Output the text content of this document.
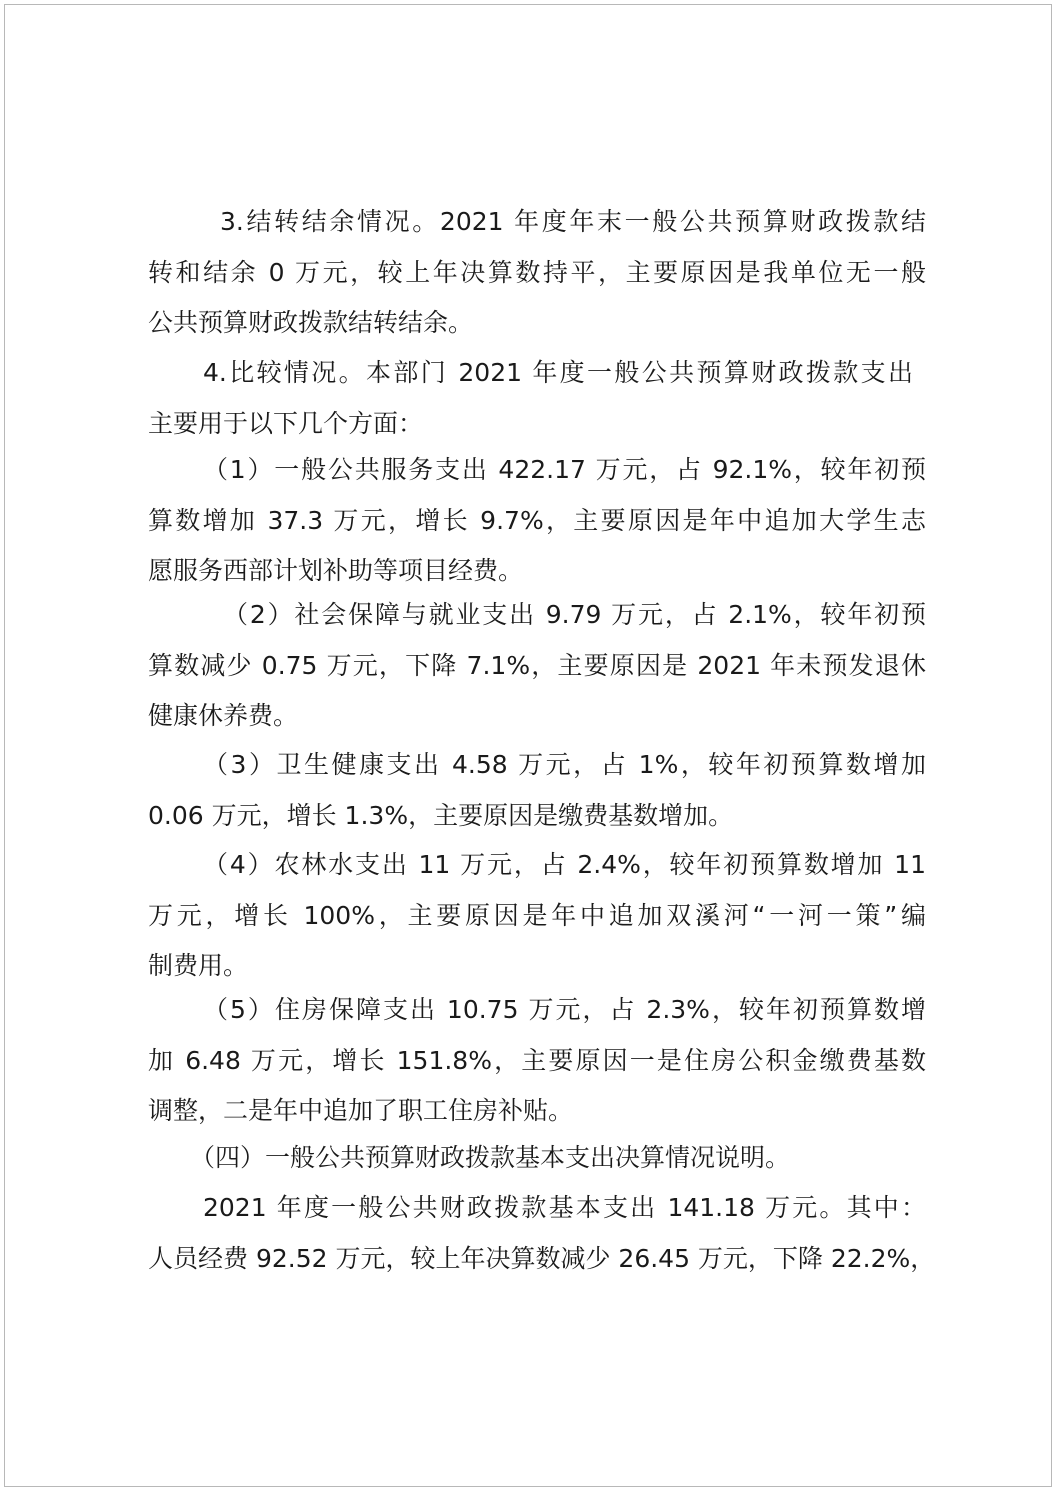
3.结转结余情况。2021 年度年末一般公共预算财政拨款结
转和结余 0 万元，较上年决算数持平，主要原因是我单位无一般
公共预算财政拨款结转结余。
4.比较情况。本部门 2021 年度一般公共预算财政拨款支出
主要用于以下几个方面：
（1）一般公共服务支出 422.17 万元，占 92.1%，较年初预
算数增加 37.3 万元，增长 9.7%，主要原因是年中追加大学生志
愿服务西部计划补助等项目经费。
（2）社会保障与就业支出 9.79 万元，占 2.1%，较年初预
算数减少 0.75 万元，下降 7.1%，主要原因是 2021 年未预发退休
健康休养费。
（3）卫生健康支出 4.58 万元，占 1%，较年初预算数增加
0.06 万元，增长 1.3%，主要原因是缴费基数增加。
（4）农林水支出 11 万元，占 2.4%，较年初预算数增加 11
万元，增长 100%，主要原因是年中追加双溪河“一河一策”编
制费用。
（5）住房保障支出 10.75 万元，占 2.3%，较年初预算数增
加 6.48 万元，增长 151.8%，主要原因一是住房公积金缴费基数
调整，二是年中追加了职工住房补贴。
（四）一般公共预算财政拨款基本支出决算情况说明。
2021 年度一般公共财政拨款基本支出 141.18 万元。其中：
人员经费 92.52 万元，较上年决算数减少 26.45 万元，下降 22.2%，
